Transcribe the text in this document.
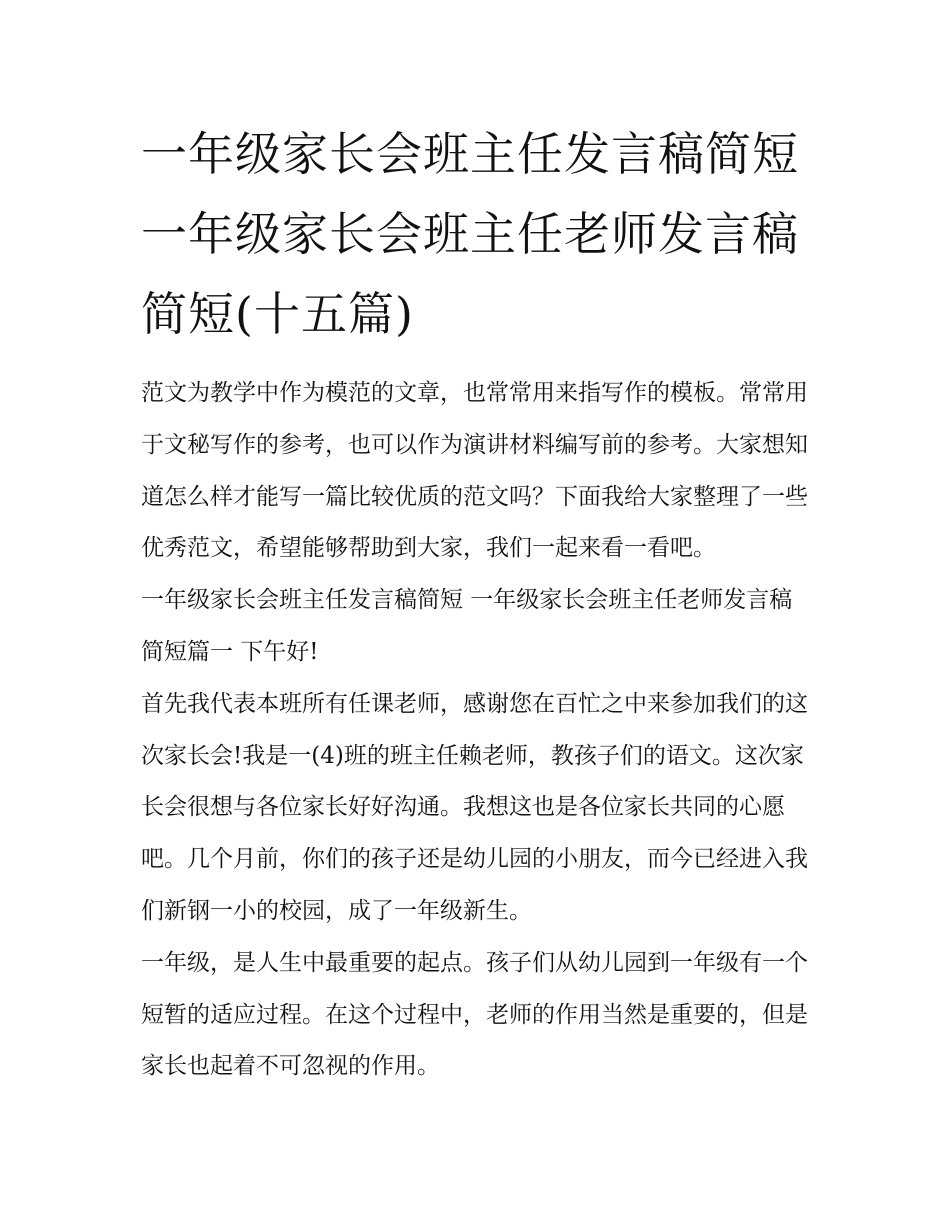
一年级家长会班主任发言稿简短 一年级家长会班主任老师发言稿简短(十五篇)

范文为教学中作为模范的文章，也常常用来指写作的模板。常常用于文秘写作的参考，也可以作为演讲材料编写前的参考。大家想知道怎么样才能写一篇比较优质的范文吗？下面我给大家整理了一些优秀范文，希望能够帮助到大家，我们一起来看一看吧。

一年级家长会班主任发言稿简短 一年级家长会班主任老师发言稿简短篇一 下午好!

首先我代表本班所有任课老师，感谢您在百忙之中来参加我们的这次家长会!我是一(4)班的班主任赖老师，教孩子们的语文。这次家长会很想与各位家长好好沟通。我想这也是各位家长共同的心愿吧。几个月前，你们的孩子还是幼儿园的小朋友，而今已经进入我们新钢一小的校园，成了一年级新生。

一年级，是人生中最重要的起点。孩子们从幼儿园到一年级有一个短暂的适应过程。在这个过程中，老师的作用当然是重要的，但是家长也起着不可忽视的作用。
